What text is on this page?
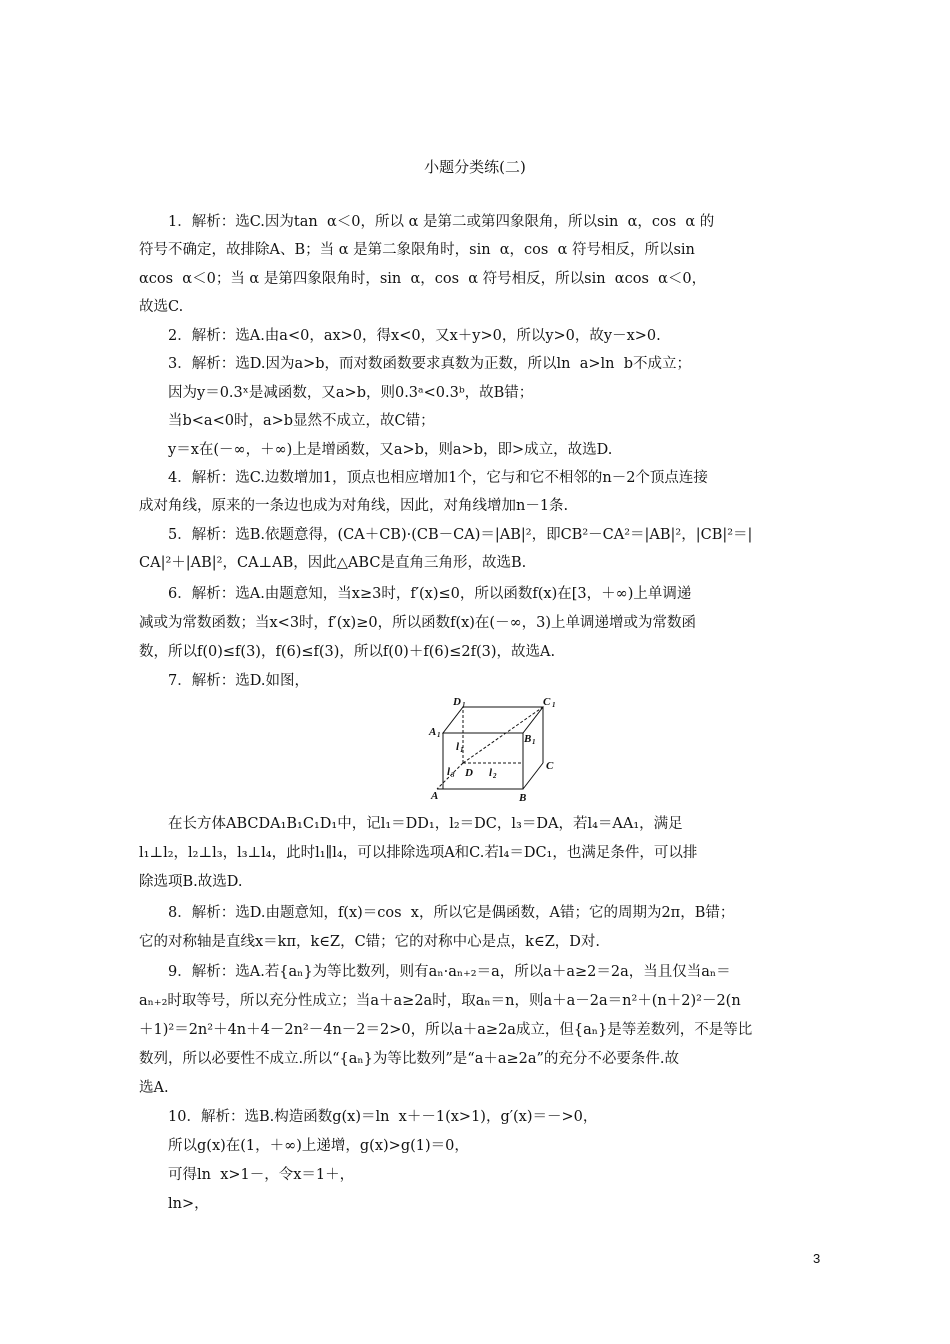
小题分类练(二)
1．解析：选C.因为tan  α＜0，所以 α 是第二或第四象限角，所以sin  α，cos  α 的
符号不确定，故排除A、B；当 α 是第二象限角时，sin  α，cos  α 符号相反，所以sin
αcos  α＜0；当 α 是第四象限角时，sin  α，cos  α 符号相反，所以sin  αcos  α＜0，
故选C.
2．解析：选A.由a<0，ax>0，得x<0，又x＋y>0，所以y>0，故y－x>0.
3．解析：选D.因为a>b，而对数函数要求真数为正数，所以ln  a>ln  b不成立；
因为y＝0.3ˣ是减函数，又a>b，则0.3ᵃ<0.3ᵇ，故B错；
当b<a<0时，a>b显然不成立，故C错；
y＝x在(－∞，＋∞)上是增函数，又a>b，则a>b，即>成立，故选D.
4．解析：选C.边数增加1，顶点也相应增加1个，它与和它不相邻的n－2个顶点连接
成对角线，原来的一条边也成为对角线，因此，对角线增加n－1条.
5．解析：选B.依题意得，(CA＋CB)·(CB－CA)＝|AB|²，即CB²－CA²＝|AB|²，|CB|²＝|
CA|²＋|AB|²，CA⊥AB，因此△ABC是直角三角形，故选B.
6．解析：选A.由题意知，当x≥3时，f′(x)≤0，所以函数f(x)在[3，＋∞)上单调递
减或为常数函数；当x<3时，f′(x)≥0，所以函数f(x)在(－∞，3)上单调递增或为常数函
数，所以f(0)≤f(3)，f(6)≤f(3)，所以f(0)＋f(6)≤2f(3)，故选A.
7．解析：选D.如图，
D 1	C 1
A 1	B 1
C
B
A
D
l 1
l 2
l 3
在长方体ABCDA₁B₁C₁D₁中，记l₁＝DD₁，l₂＝DC，l₃＝DA，若l₄＝AA₁，满足
l₁⊥l₂，l₂⊥l₃，l₃⊥l₄，此时l₁∥l₄，可以排除选项A和C.若l₄＝DC₁，也满足条件，可以排
除选项B.故选D.
8．解析：选D.由题意知，f(x)＝cos  x，所以它是偶函数，A错；它的周期为2π，B错；
它的对称轴是直线x＝kπ，k∈Z，C错；它的对称中心是点，k∈Z，D对.
9．解析：选A.若{aₙ}为等比数列，则有aₙ·aₙ₊₂＝a，所以a＋a≥2＝2a，当且仅当aₙ＝
aₙ₊₂时取等号，所以充分性成立；当a＋a≥2a时，取aₙ＝n，则a＋a－2a＝n²＋(n＋2)²－2(n
＋1)²＝2n²＋4n＋4－2n²－4n－2＝2>0，所以a＋a≥2a成立，但{aₙ}是等差数列，不是等比
数列，所以必要性不成立.所以“{aₙ}为等比数列”是“a＋a≥2a”的充分不必要条件.故
选A.
10．解析：选B.构造函数g(x)＝ln  x＋－1(x>1)，g′(x)＝－>0，
所以g(x)在(1，＋∞)上递增，g(x)>g(1)＝0，
可得ln  x>1－，令x＝1＋，
ln>，
3
